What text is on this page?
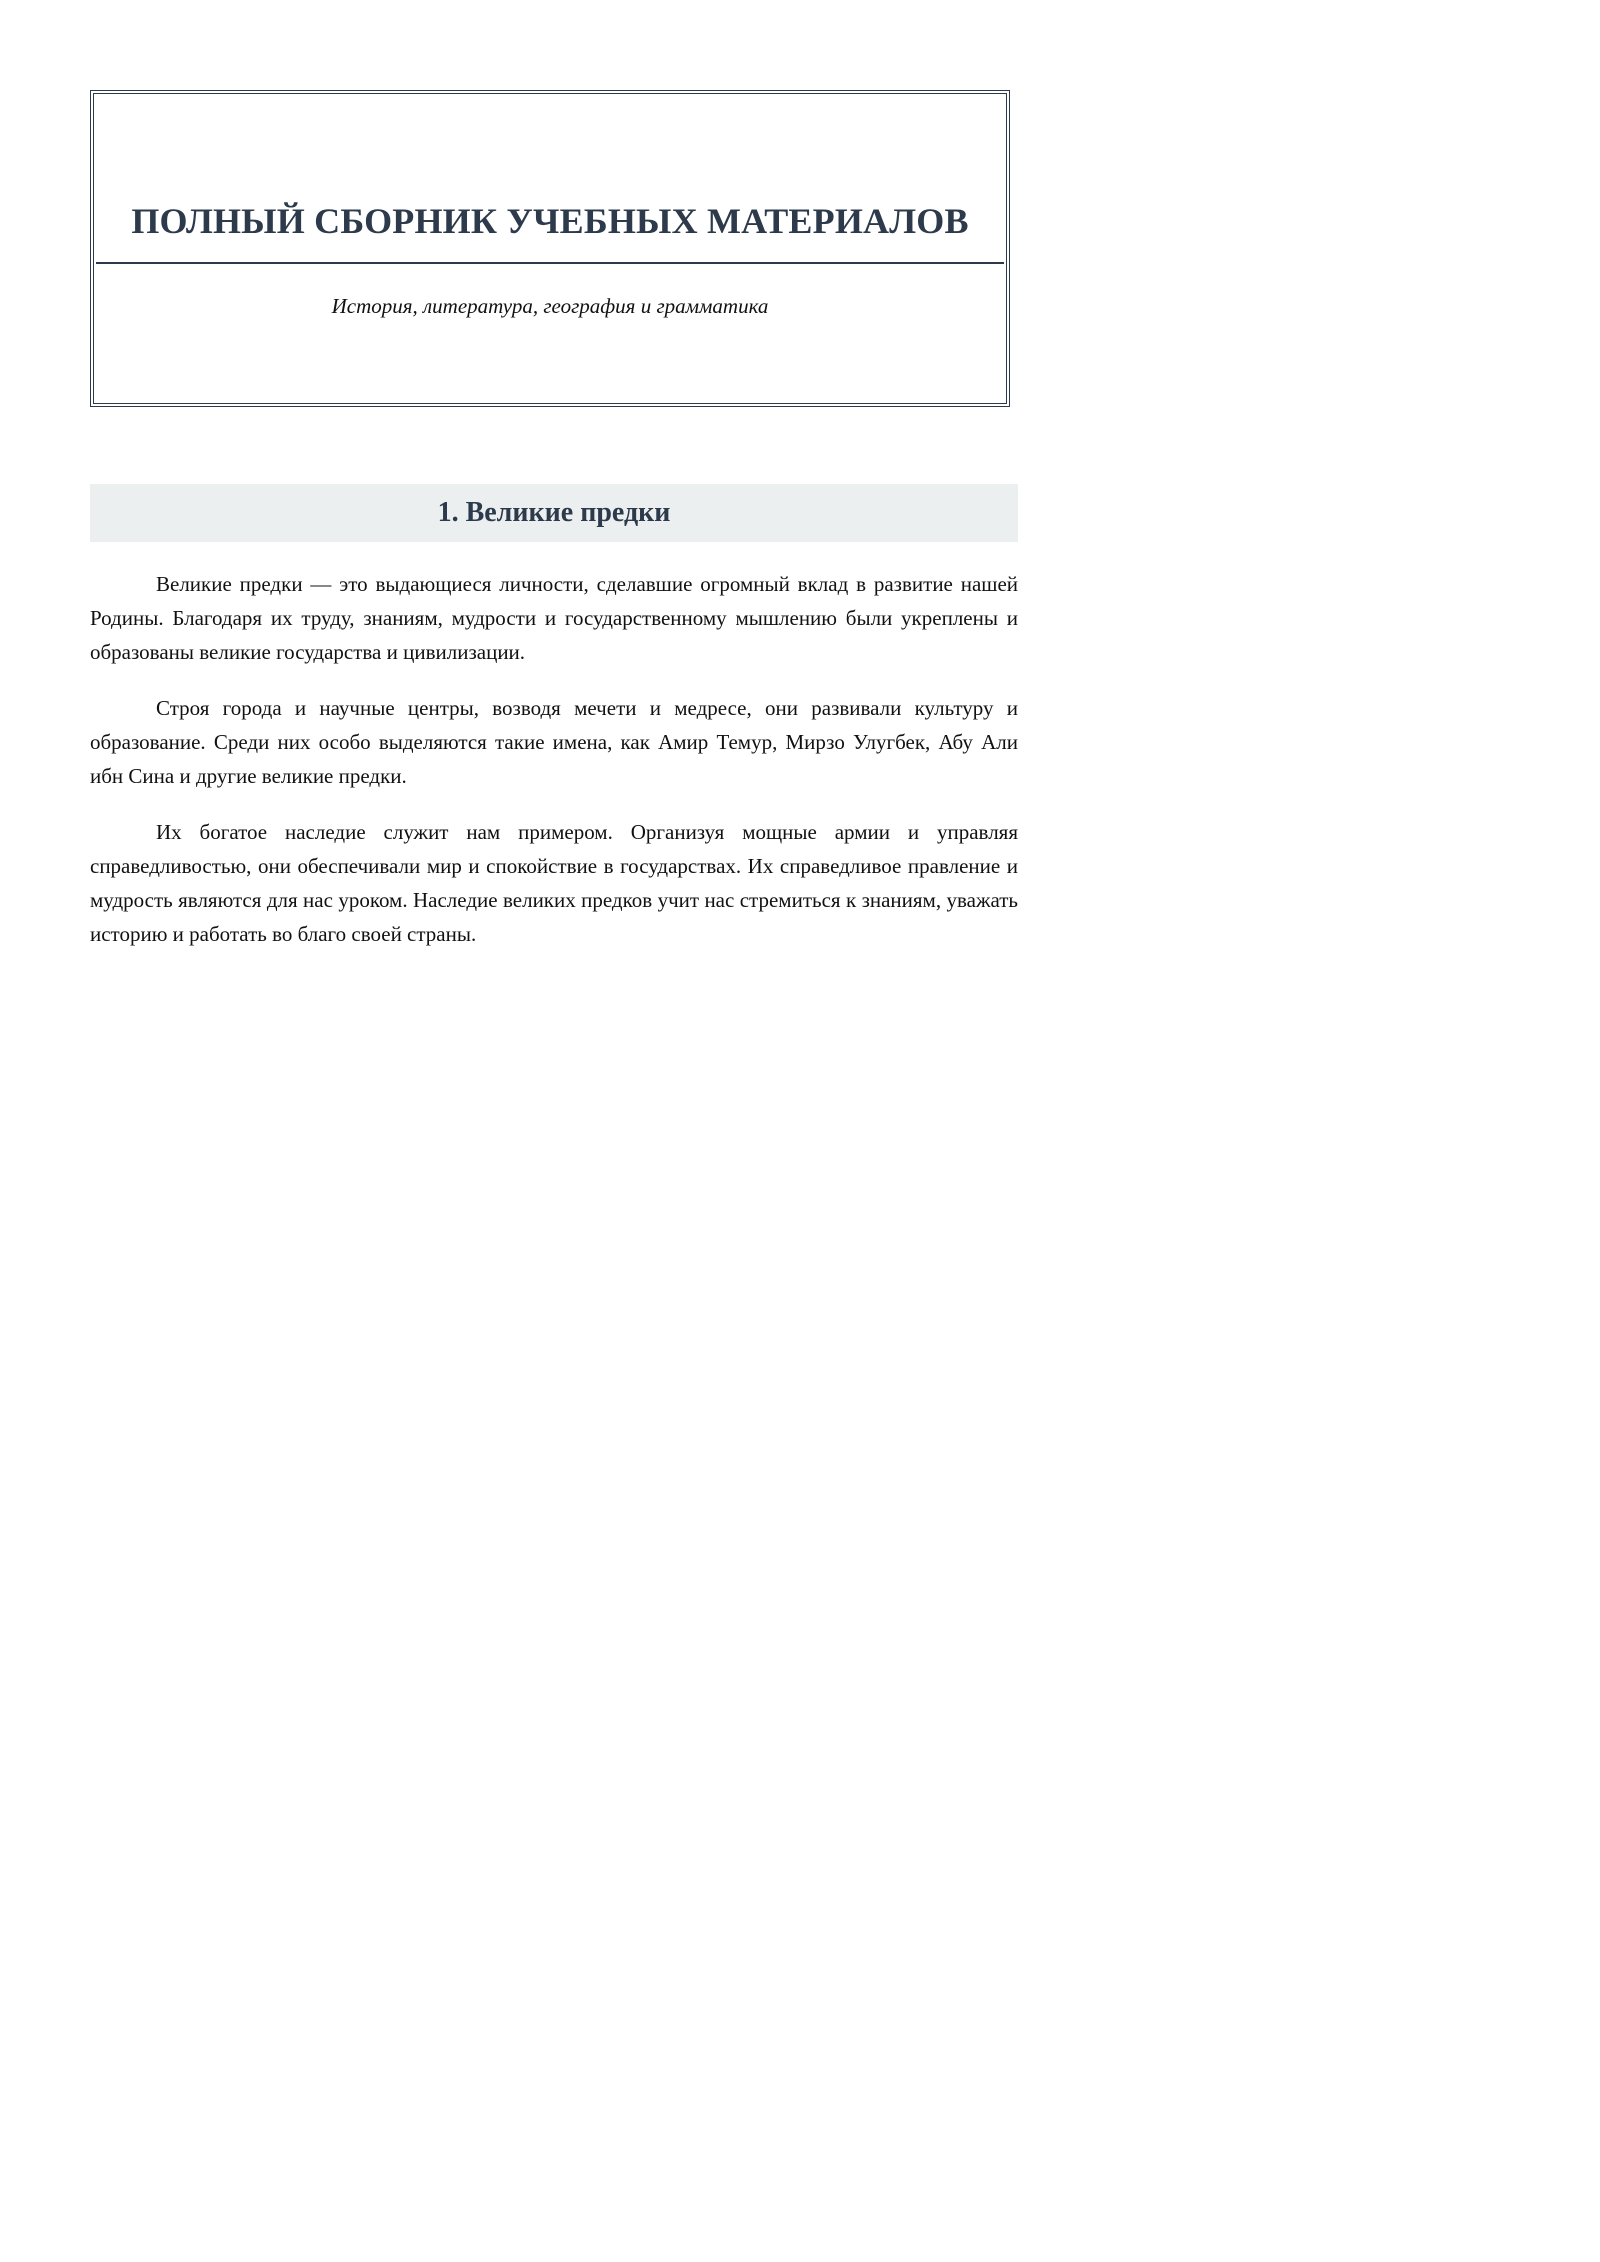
ПОЛНЫЙ СБОРНИК УЧЕБНЫХ МАТЕРИАЛОВ

История, литература, география и грамматика

1. Великие предки

Великие предки — это выдающиеся личности, сделавшие огромный вклад в развитие нашей Родины. Благодаря их труду, знаниям, мудрости и государственному мышлению были укреплены и образованы великие государства и цивилизации.

Строя города и научные центры, возводя мечети и медресе, они развивали культуру и образование. Среди них особо выделяются такие имена, как Амир Темур, Мирзо Улугбек, Абу Али ибн Сина и другие великие предки.

Их богатое наследие служит нам примером. Организуя мощные армии и управляя справедливостью, они обеспечивали мир и спокойствие в государствах. Их справедливое правление и мудрость являются для нас уроком. Наследие великих предков учит нас стремиться к знаниям, уважать историю и работать во благо своей страны.
